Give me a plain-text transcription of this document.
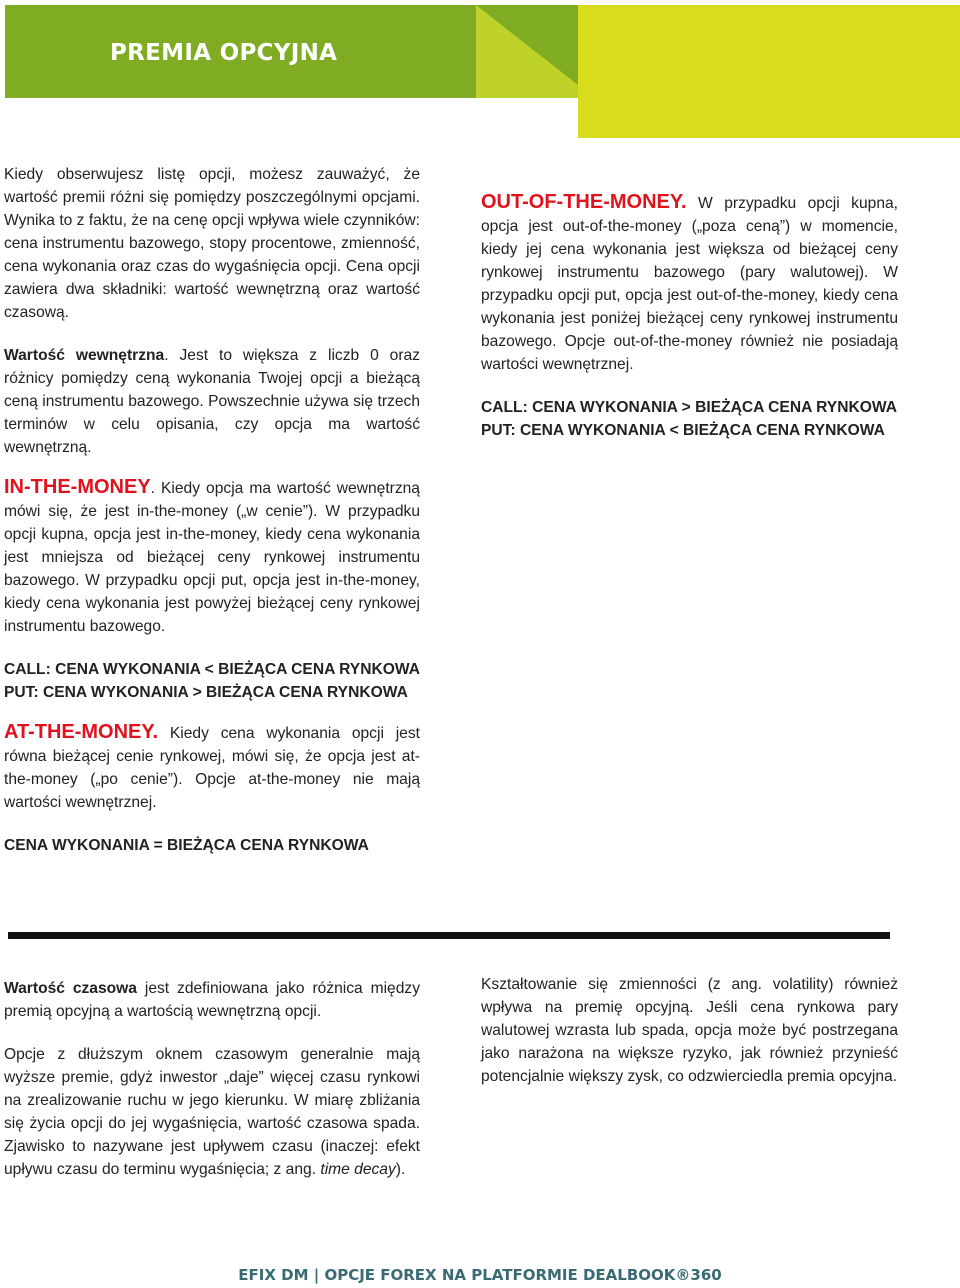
PREMIA OPCYJNA

Kiedy obserwujesz listę opcji, możesz zauważyć, że wartość premii różni się pomiędzy poszczególnymi opcjami. Wynika to z faktu, że na cenę opcji wpływa wiele czynników: cena instrumentu bazowego, stopy procentowe, zmienność, cena wykonania oraz czas do wygaśnięcia opcji. Cena opcji zawiera dwa składniki: wartość wewnętrzną oraz wartość czasową.

Wartość wewnętrzna. Jest to większa z liczb 0 oraz różnicy pomiędzy ceną wykonania Twojej opcji a bieżącą ceną instrumentu bazowego. Powszechnie używa się trzech terminów w celu opisania, czy opcja ma wartość wewnętrzną.

IN-THE-MONEY. Kiedy opcja ma wartość wewnętrzną mówi się, że jest in-the-money („w cenie”). W przypadku opcji kupna, opcja jest in-the-money, kiedy cena wykonania jest mniejsza od bieżącej ceny rynkowej instrumentu bazowego. W przypadku opcji put, opcja jest in-the-money, kiedy cena wykonania jest powyżej bieżącej ceny rynkowej instrumentu bazowego.

CALL: CENA WYKONANIA < BIEŻĄCA CENA RYNKOWA

PUT: CENA WYKONANIA > BIEŻĄCA CENA RYNKOWA

AT-THE-MONEY. Kiedy cena wykonania opcji jest równa bieżącej cenie rynkowej, mówi się, że opcja jest at-the-money („po cenie”). Opcje at-the-money nie mają wartości wewnętrznej.

CENA WYKONANIA = BIEŻĄCA CENA RYNKOWA

OUT-OF-THE-MONEY. W przypadku opcji kupna, opcja jest out-of-the-money („poza ceną”) w momencie, kiedy jej cena wykonania jest większa od bieżącej ceny rynkowej instrumentu bazowego (pary walutowej). W przypadku opcji put, opcja jest out-of-the-money, kiedy cena wykonania jest poniżej bieżącej ceny rynkowej instrumentu bazowego. Opcje out-of-the-money również nie posiadają wartości wewnętrznej.

CALL: CENA WYKONANIA > BIEŻĄCA CENA RYNKOWA

PUT: CENA WYKONANIA < BIEŻĄCA CENA RYNKOWA

Wartość czasowa jest zdefiniowana jako różnica między premią opcyjną a wartością wewnętrzną opcji.

Opcje z dłuższym oknem czasowym generalnie mają wyższe premie, gdyż inwestor „daje” więcej czasu rynkowi na zrealizowanie ruchu w jego kierunku. W miarę zbliżania się życia opcji do jej wygaśnięcia, wartość czasowa spada. Zjawisko to nazywane jest upływem czasu (inaczej: efekt upływu czasu do terminu wygaśnięcia; z ang. time decay).

Kształtowanie się zmienności (z ang. volatility) również wpływa na premię opcyjną. Jeśli cena rynkowa pary walutowej wzrasta lub spada, opcja może być postrzegana jako narażona na większe ryzyko, jak również przynieść potencjalnie większy zysk, co odzwierciedla premia opcyjna.

EFIX DM | OPCJE FOREX NA PLATFORMIE DEALBOOK®360
